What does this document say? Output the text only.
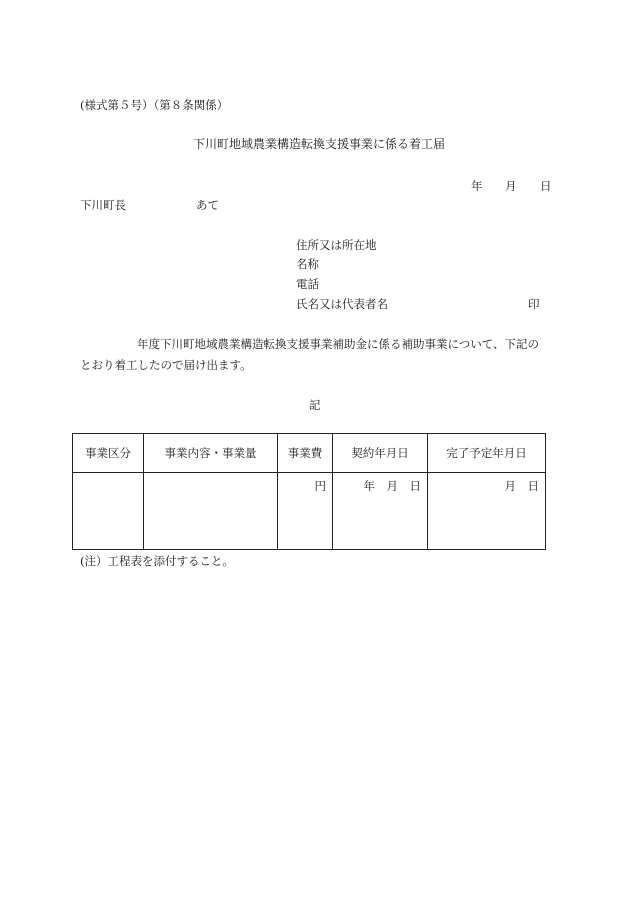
(様式第５号）（第８条関係）
下川町地域農業構造転換支援事業に係る着工届
年 月 日
下川町長	あて
住所又は所在地
名称
電話
氏名又は代表者名	印
年度下川町地域農業構造転換支援事業補助金に係る補助事業について、下記の
とおり着工したので届け出ます。
記
事業区分	事業内容・事業量	事業費	契約年月日	完了予定年月日
		円	年　月　日	月　日
(注）工程表を添付すること。
